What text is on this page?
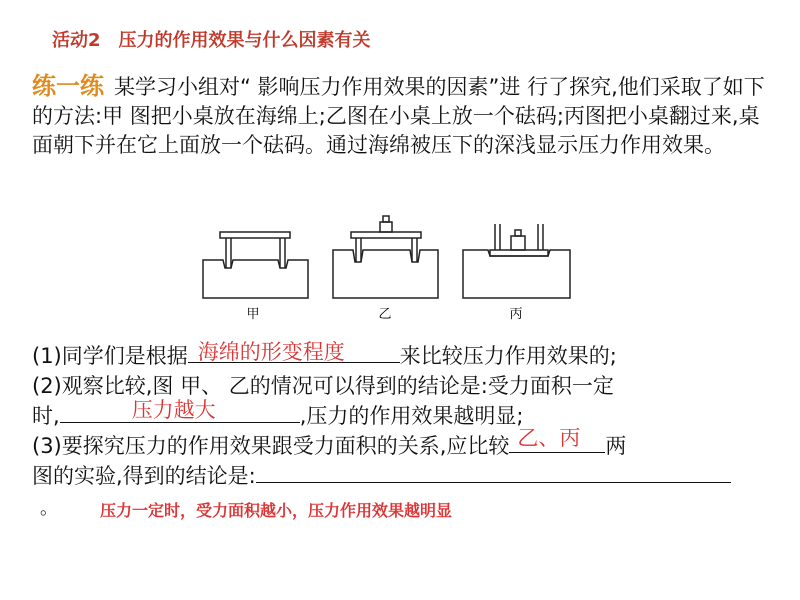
活动2　压力的作用效果与什么因素有关
练一练 某学习小组对“ 影响压力作用效果的因素”进 行了探究,他们采取了如下的方法:甲 图把小桌放在海绵上;乙图在小桌上放一个砝码;丙图把小桌翻过来,桌面朝下并在它上面放一个砝码。通过海绵被压下的深浅显示压力作用效果。
甲	乙	丙
(1)同学们是根据 海绵的形变程度	来比较压力作用效果的;
(2)观察比较,图 甲、 乙的情况可以得到的结论是:受力面积一定
时,	压力越大	,压力的作用效果越明显;
(3)要探究压力的作用效果跟受力面积的关系,应比较 乙、丙 两
图的实验,得到的结论是:
。	压力一定时，受力面积越小，压力作用效果越明显
